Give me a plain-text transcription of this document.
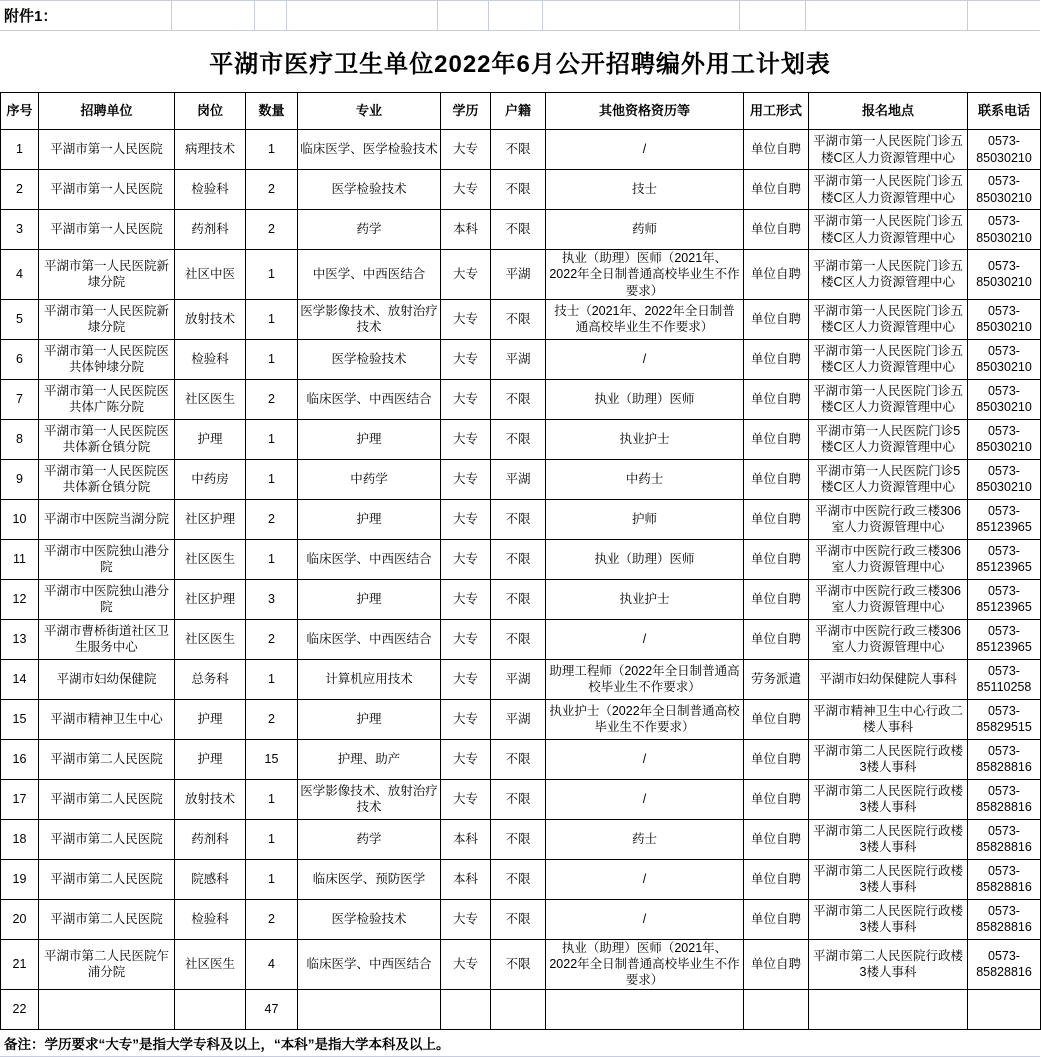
附件1：
平湖市医疗卫生单位2022年6月公开招聘编外用工计划表
序号	招聘单位	岗位	数量	专业	学历	户籍	其他资格资历等	用工形式	报名地点	联系电话
1	平湖市第一人民医院	病理技术	1	临床医学、医学检验技术	大专	不限	/	单位自聘	平湖市第一人民医院门诊五楼C区人力资源管理中心	0573-85030210
2	平湖市第一人民医院	检验科	2	医学检验技术	大专	不限	技士	单位自聘	平湖市第一人民医院门诊五楼C区人力资源管理中心	0573-85030210
3	平湖市第一人民医院	药剂科	2	药学	本科	不限	药师	单位自聘	平湖市第一人民医院门诊五楼C区人力资源管理中心	0573-85030210
4	平湖市第一人民医院新埭分院	社区中医	1	中医学、中西医结合	大专	平湖	执业（助理）医师（2021年、2022年全日制普通高校毕业生不作要求）	单位自聘	平湖市第一人民医院门诊五楼C区人力资源管理中心	0573-85030210
5	平湖市第一人民医院新埭分院	放射技术	1	医学影像技术、放射治疗技术	大专	不限	技士（2021年、2022年全日制普通高校毕业生不作要求）	单位自聘	平湖市第一人民医院门诊五楼C区人力资源管理中心	0573-85030210
6	平湖市第一人民医院医共体钟埭分院	检验科	1	医学检验技术	大专	平湖	/	单位自聘	平湖市第一人民医院门诊五楼C区人力资源管理中心	0573-85030210
7	平湖市第一人民医院医共体广陈分院	社区医生	2	临床医学、中西医结合	大专	不限	执业（助理）医师	单位自聘	平湖市第一人民医院门诊五楼C区人力资源管理中心	0573-85030210
8	平湖市第一人民医院医共体新仓镇分院	护理	1	护理	大专	不限	执业护士	单位自聘	平湖市第一人民医院门诊5楼C区人力资源管理中心	0573-85030210
9	平湖市第一人民医院医共体新仓镇分院	中药房	1	中药学	大专	平湖	中药士	单位自聘	平湖市第一人民医院门诊5楼C区人力资源管理中心	0573-85030210
10	平湖市中医院当湖分院	社区护理	2	护理	大专	不限	护师	单位自聘	平湖市中医院行政三楼306室人力资源管理中心	0573-85123965
11	平湖市中医院独山港分院	社区医生	1	临床医学、中西医结合	大专	不限	执业（助理）医师	单位自聘	平湖市中医院行政三楼306室人力资源管理中心	0573-85123965
12	平湖市中医院独山港分院	社区护理	3	护理	大专	不限	执业护士	单位自聘	平湖市中医院行政三楼306室人力资源管理中心	0573-85123965
13	平湖市曹桥街道社区卫生服务中心	社区医生	2	临床医学、中西医结合	大专	不限	/	单位自聘	平湖市中医院行政三楼306室人力资源管理中心	0573-85123965
14	平湖市妇幼保健院	总务科	1	计算机应用技术	大专	平湖	助理工程师（2022年全日制普通高校毕业生不作要求）	劳务派遣	平湖市妇幼保健院人事科	0573-85110258
15	平湖市精神卫生中心	护理	2	护理	大专	平湖	执业护士（2022年全日制普通高校毕业生不作要求）	单位自聘	平湖市精神卫生中心行政二楼人事科	0573-85829515
16	平湖市第二人民医院	护理	15	护理、助产	大专	不限	/	单位自聘	平湖市第二人民医院行政楼3楼人事科	0573-85828816
17	平湖市第二人民医院	放射技术	1	医学影像技术、放射治疗技术	大专	不限	/	单位自聘	平湖市第二人民医院行政楼3楼人事科	0573-85828816
18	平湖市第二人民医院	药剂科	1	药学	本科	不限	药士	单位自聘	平湖市第二人民医院行政楼3楼人事科	0573-85828816
19	平湖市第二人民医院	院感科	1	临床医学、预防医学	本科	不限	/	单位自聘	平湖市第二人民医院行政楼3楼人事科	0573-85828816
20	平湖市第二人民医院	检验科	2	医学检验技术	大专	不限	/	单位自聘	平湖市第二人民医院行政楼3楼人事科	0573-85828816
21	平湖市第二人民医院乍浦分院	社区医生	4	临床医学、中西医结合	大专	不限	执业（助理）医师（2021年、2022年全日制普通高校毕业生不作要求）	单位自聘	平湖市第二人民医院行政楼3楼人事科	0573-85828816
22			47							
备注：学历要求“大专”是指大学专科及以上，“本科”是指大学本科及以上。
